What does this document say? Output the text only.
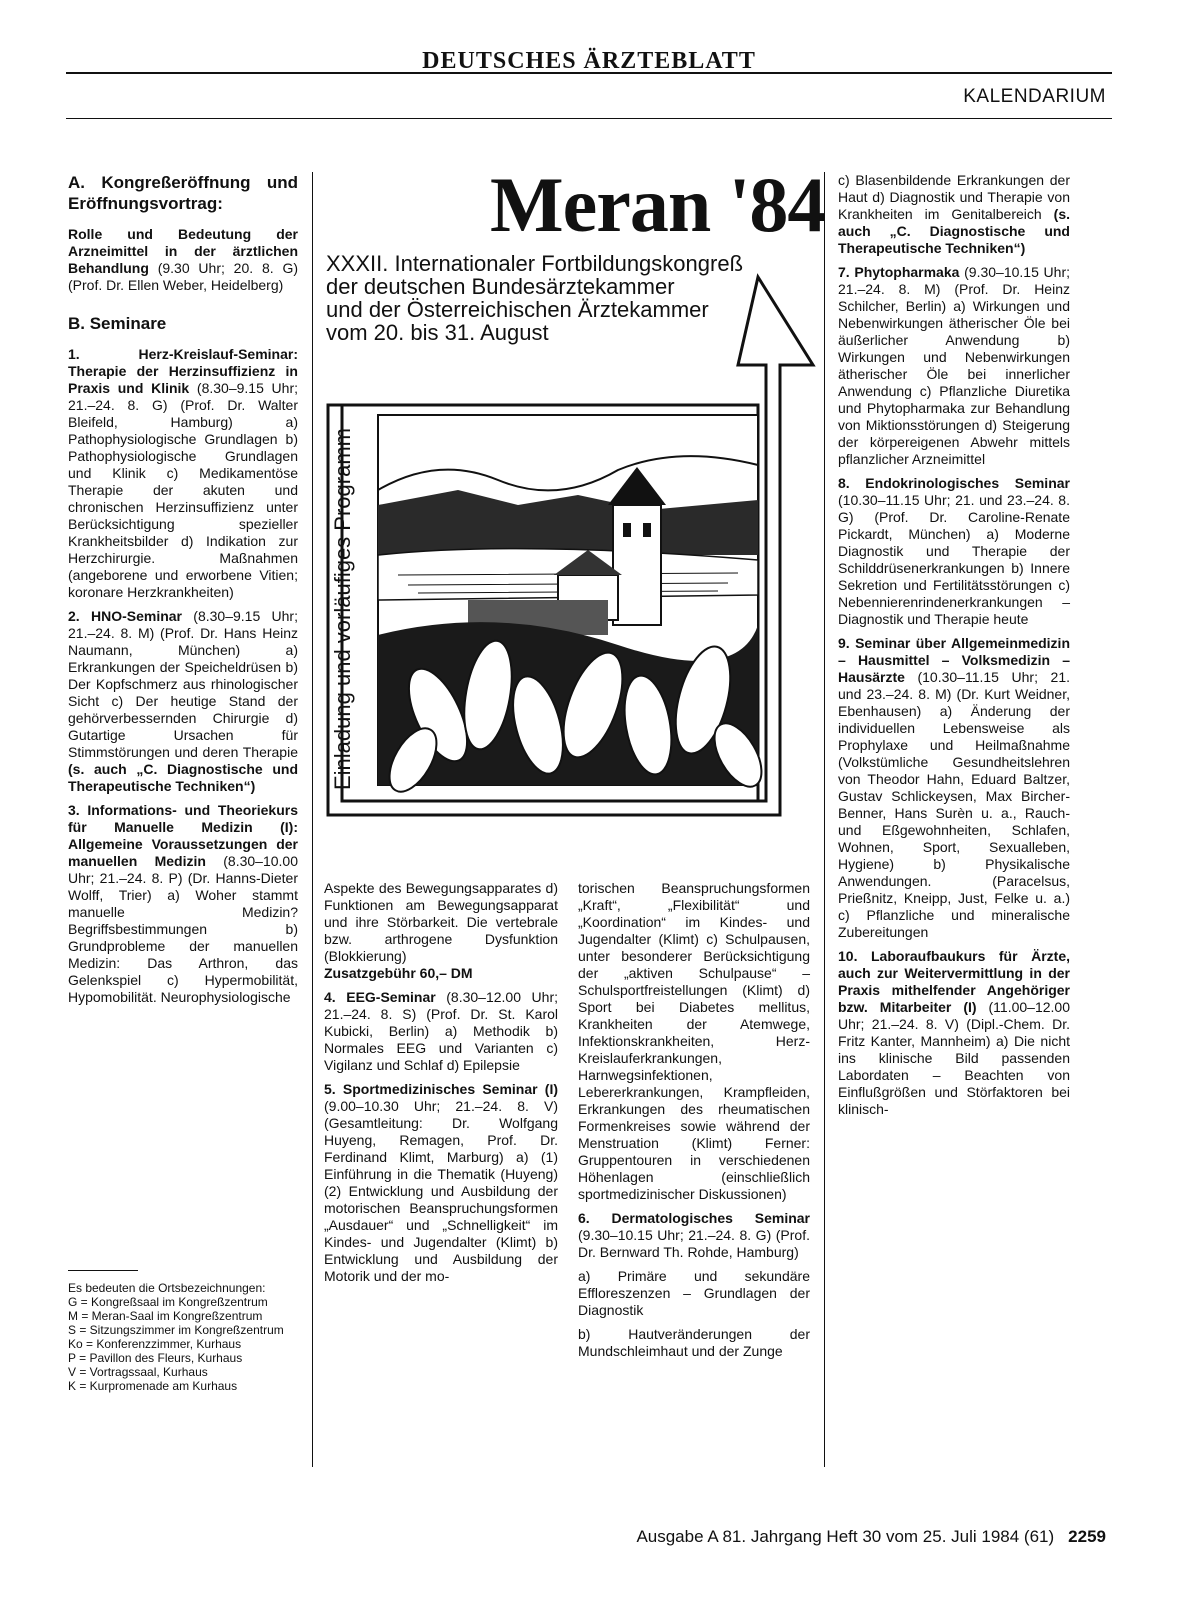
DEUTSCHES ÄRZTEBLATT
KALENDARIUM
A. Kongreßeröffnung und Eröffnungsvortrag:

Rolle und Bedeutung der Arzneimittel in der ärztlichen Behandlung (9.30 Uhr; 20. 8. G) (Prof. Dr. Ellen Weber, Heidelberg)

B. Seminare

1. Herz-Kreislauf-Seminar: Therapie der Herzinsuffizienz in Praxis und Klinik (8.30–9.15 Uhr; 21.–24. 8. G) (Prof. Dr. Walter Bleifeld, Hamburg) a) Pathophysiologische Grundlagen b) Pathophysiologische Grundlagen und Klinik c) Medikamentöse Therapie der akuten und chronischen Herzinsuffizienz unter Berücksichtigung spezieller Krankheitsbilder d) Indikation zur Herzchirurgie. Maßnahmen (angeborene und erworbene Vitien; koronare Herzkrankheiten)

2. HNO-Seminar (8.30–9.15 Uhr; 21.–24. 8. M) (Prof. Dr. Hans Heinz Naumann, München) a) Erkrankungen der Speicheldrüsen b) Der Kopfschmerz aus rhinologischer Sicht c) Der heutige Stand der gehörverbessernden Chirurgie d) Gutartige Ursachen für Stimmstörungen und deren Therapie (s. auch „C. Diagnostische und Therapeutische Techniken“)

3. Informations- und Theoriekurs für Manuelle Medizin (I): Allgemeine Voraussetzungen der manuellen Medizin (8.30–10.00 Uhr; 21.–24. 8. P) (Dr. Hanns-Dieter Wolff, Trier) a) Woher stammt manuelle Medizin? Begriffsbestimmungen b) Grundprobleme der manuellen Medizin: Das Arthron, das Gelenkspiel c) Hypermobilität, Hypomobilität. Neurophysiologische

Es bedeuten die Ortsbezeichnungen:

G = Kongreßsaal im Kongreßzentrum

M = Meran-Saal im Kongreßzentrum

S = Sitzungszimmer im Kongreßzentrum

Ko = Konferenzzimmer, Kurhaus

P = Pavillon des Fleurs, Kurhaus

V = Vortragssaal, Kurhaus

K = Kurpromenade am Kurhaus

Meran '84
XXXII. Internationaler Fortbildungskongreß
der deutschen Bundesärztekammer
und der Österreichischen Ärztekammer
vom 20. bis 31. August
Einladung und vorläufiges Programm

Aspekte des Bewegungsapparates d) Funktionen am Bewegungsapparat und ihre Störbarkeit. Die vertebrale bzw. arthrogene Dysfunktion (Blokkierung)
Zusatzgebühr 60,– DM

4. EEG-Seminar (8.30–12.00 Uhr; 21.–24. 8. S) (Prof. Dr. St. Karol Kubicki, Berlin) a) Methodik b) Normales EEG und Varianten c) Vigilanz und Schlaf d) Epilepsie

5. Sportmedizinisches Seminar (I) (9.00–10.30 Uhr; 21.–24. 8. V) (Gesamtleitung: Dr. Wolfgang Huyeng, Remagen, Prof. Dr. Ferdinand Klimt, Marburg) a) (1) Einführung in die Thematik (Huyeng) (2) Entwicklung und Ausbildung der motorischen Beanspruchungsformen „Ausdauer“ und „Schnelligkeit“ im Kindes- und Jugendalter (Klimt) b) Entwicklung und Ausbildung der Motorik und der mo-

torischen Beanspruchungsformen „Kraft“, „Flexibilität“ und „Koordination“ im Kindes- und Jugendalter (Klimt) c) Schulpausen, unter besonderer Berücksichtigung der „aktiven Schulpause“ – Schulsportfreistellungen (Klimt) d) Sport bei Diabetes mellitus, Krankheiten der Atemwege, Infektionskrankheiten, Herz-Kreislauferkrankungen, Harnwegsinfektionen, Lebererkrankungen, Krampfleiden, Erkrankungen des rheumatischen Formenkreises sowie während der Menstruation (Klimt) Ferner: Gruppentouren in verschiedenen Höhenlagen (einschließlich sportmedizinischer Diskussionen)

6. Dermatologisches Seminar (9.30–10.15 Uhr; 21.–24. 8. G) (Prof. Dr. Bernward Th. Rohde, Hamburg)

a) Primäre und sekundäre Effloreszenzen – Grundlagen der Diagnostik

b) Hautveränderungen der Mundschleimhaut und der Zunge

c) Blasenbildende Erkrankungen der Haut d) Diagnostik und Therapie von Krankheiten im Genitalbereich (s. auch „C. Diagnostische und Therapeutische Techniken“)

7. Phytopharmaka (9.30–10.15 Uhr; 21.–24. 8. M) (Prof. Dr. Heinz Schilcher, Berlin) a) Wirkungen und Nebenwirkungen ätherischer Öle bei äußerlicher Anwendung b) Wirkungen und Nebenwirkungen ätherischer Öle bei innerlicher Anwendung c) Pflanzliche Diuretika und Phytopharmaka zur Behandlung von Miktionsstörungen d) Steigerung der körpereigenen Abwehr mittels pflanzlicher Arzneimittel

8. Endokrinologisches Seminar (10.30–11.15 Uhr; 21. und 23.–24. 8. G) (Prof. Dr. Caroline-Renate Pickardt, München) a) Moderne Diagnostik und Therapie der Schilddrüsenerkrankungen b) Innere Sekretion und Fertilitätsstörungen c) Nebennierenrindenerkrankungen – Diagnostik und Therapie heute

9. Seminar über Allgemeinmedizin – Hausmittel – Volksmedizin – Hausärzte (10.30–11.15 Uhr; 21. und 23.–24. 8. M) (Dr. Kurt Weidner, Ebenhausen) a) Änderung der individuellen Lebensweise als Prophylaxe und Heilmaßnahme (Volkstümliche Gesundheitslehren von Theodor Hahn, Eduard Baltzer, Gustav Schlickeysen, Max Bircher-Benner, Hans Surèn u. a., Rauch- und Eßgewohnheiten, Schlafen, Wohnen, Sport, Sexualleben, Hygiene) b) Physikalische Anwendungen. (Paracelsus, Prießnitz, Kneipp, Just, Felke u. a.) c) Pflanzliche und mineralische Zubereitungen

10. Laboraufbaukurs für Ärzte, auch zur Weitervermittlung in der Praxis mithelfender Angehöriger bzw. Mitarbeiter (I) (11.00–12.00 Uhr; 21.–24. 8. V) (Dipl.-Chem. Dr. Fritz Kanter, Mannheim) a) Die nicht ins klinische Bild passenden Labordaten – Beachten von Einflußgrößen und Störfaktoren bei klinisch-

Ausgabe A 81. Jahrgang Heft 30 vom 25. Juli 1984 (61) 2259
